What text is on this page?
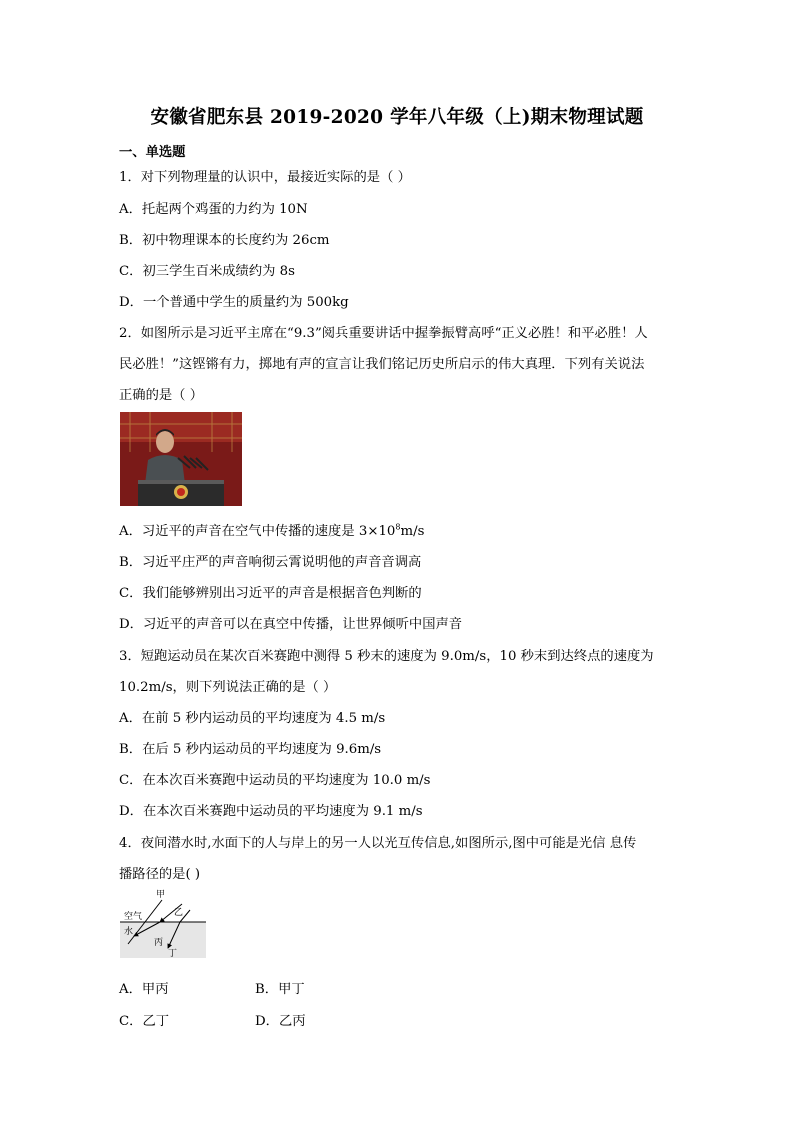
安徽省肥东县 2019-2020 学年八年级（上)期末物理试题
一、单选题
1．对下列物理量的认识中，最接近实际的是（ ）
A．托起两个鸡蛋的力约为 10N
B．初中物理课本的长度约为 26cm
C．初三学生百米成绩约为 8s
D．一个普通中学生的质量约为 500kg
2．如图所示是习近平主席在“9.3”阅兵重要讲话中握拳振臂高呼“正义必胜！和平必胜！人
民必胜！”这铿锵有力，掷地有声的宣言让我们铭记历史所启示的伟大真理．下列有关说法
正确的是（ ）
A．习近平的声音在空气中传播的速度是 $3\times 10^8m/s$
B．习近平庄严的声音响彻云霄说明他的声音音调高
C．我们能够辨别出习近平的声音是根据音色判断的
D．习近平的声音可以在真空中传播，让世界倾听中国声音
3．短跑运动员在某次百米赛跑中测得 5 秒末的速度为 9.0m/s，10 秒末到达终点的速度为
10.2m/s，则下列说法正确的是（ ）
A．在前 5 秒内运动员的平均速度为 4.5 m/s
B．在后 5 秒内运动员的平均速度为 9.6m/s
C．在本次百米赛跑中运动员的平均速度为 10.0 m/s
D．在本次百米赛跑中运动员的平均速度为 9.1 m/s
4．夜间潜水时,水面下的人与岸上的另一人以光互传信息,如图所示,图中可能是光信 息传
播路径的是( )
甲
乙
空气
水
丙
丁
A．甲丙	B．甲丁
C．乙丁	D．乙丙
